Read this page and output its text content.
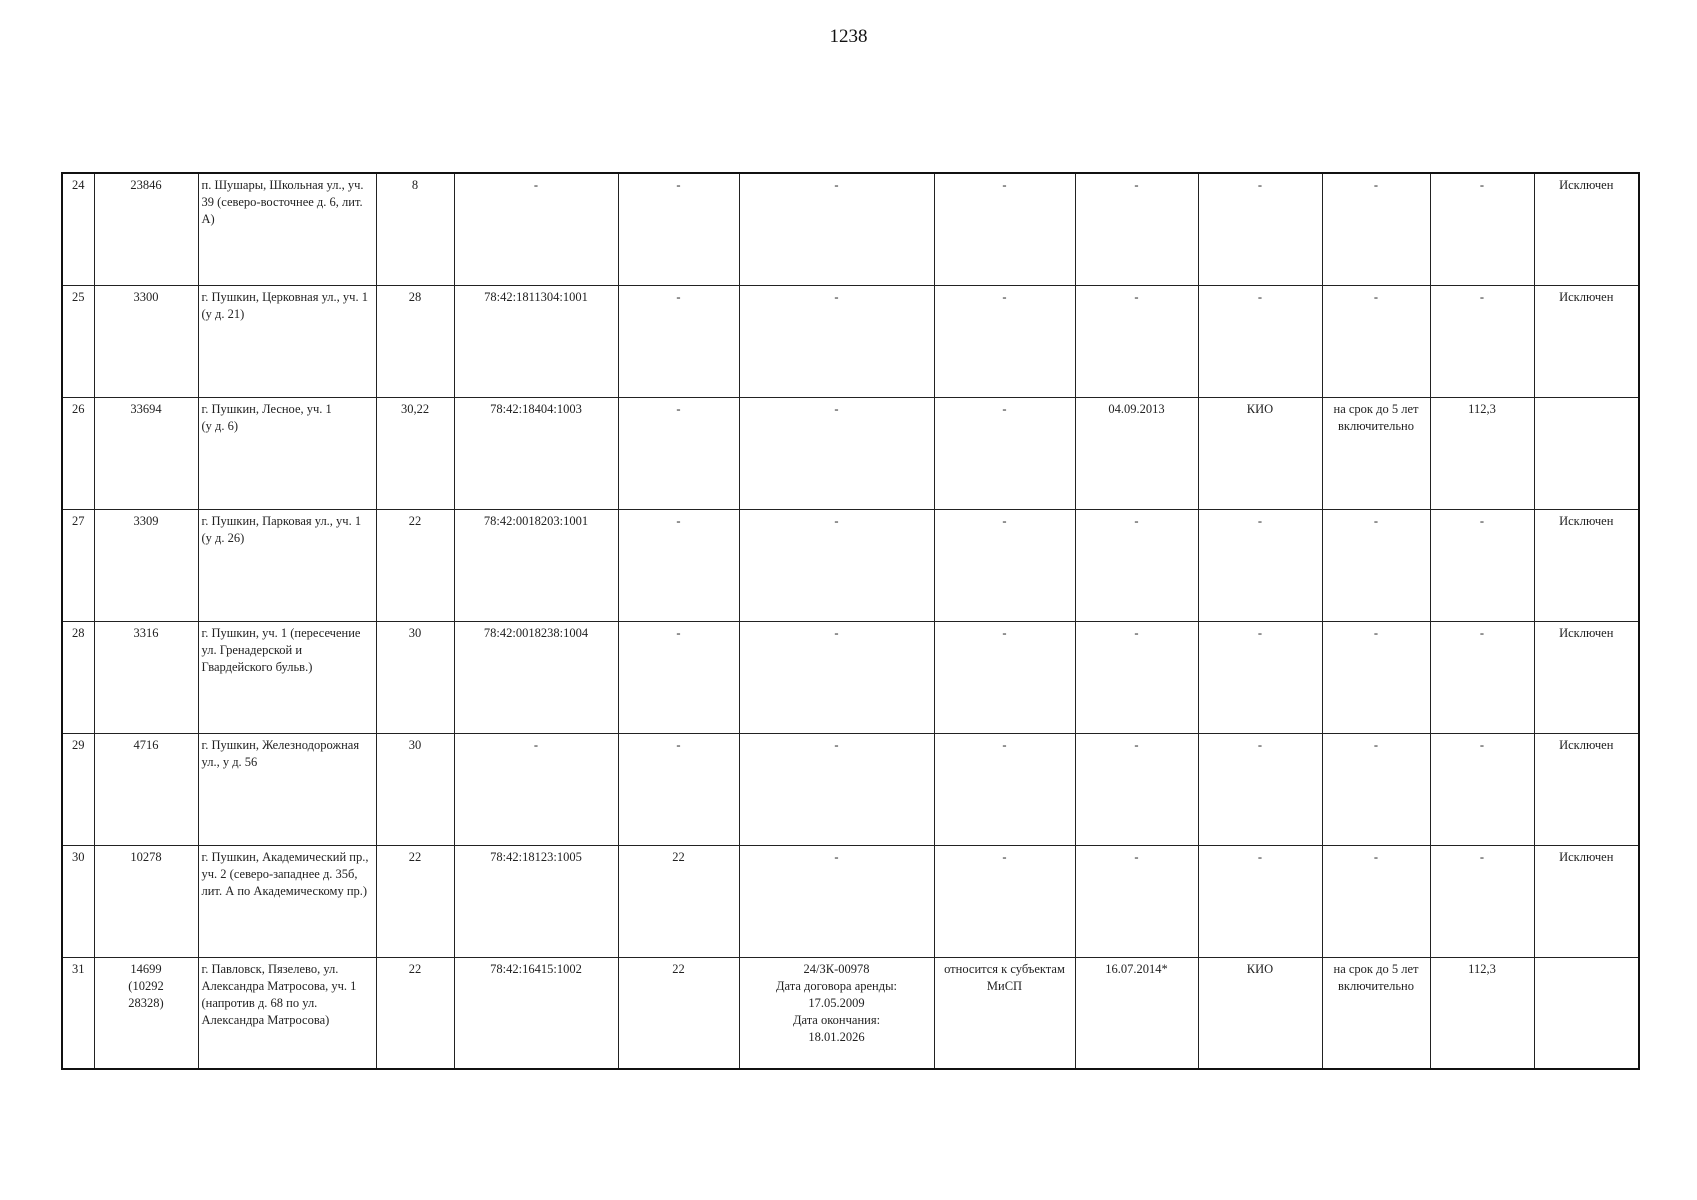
1238
24	23846	п. Шушары, Школьная ул., уч. 39 (северо-восточнее д. 6, лит. А)	8	-	-	-	-	-	-	-	-	Исключен
25	3300	г. Пушкин, Церковная ул., уч. 1 (у д. 21)	28	78:42:1811304:1001	-	-	-	-	-	-	-	Исключен
26	33694	г. Пушкин, Лесное, уч. 1
(у д. 6)	30,22	78:42:18404:1003	-	-	-	04.09.2013	КИО	на срок до 5 лет включительно	112,3	
27	3309	г. Пушкин, Парковая ул., уч. 1 (у д. 26)	22	78:42:0018203:1001	-	-	-	-	-	-	-	Исключен
28	3316	г. Пушкин, уч. 1 (пересечение ул. Гренадерской и Гвардейского бульв.)	30	78:42:0018238:1004	-	-	-	-	-	-	-	Исключен
29	4716	г. Пушкин, Железнодорожная ул., у д. 56	30	-	-	-	-	-	-	-	-	Исключен
30	10278	г. Пушкин, Академический пр., уч. 2 (северо-западнее д. 35б, лит. А по Академическому пр.)	22	78:42:18123:1005	22	-	-	-	-	-	-	Исключен
31	14699
(10292
28328)	г. Павловск, Пязелево, ул. Александра Матросова, уч. 1 (напротив д. 68 по ул. Александра Матросова)	22	78:42:16415:1002	22	24/ЗК-00978
Дата договора аренды:
17.05.2009
Дата окончания:
18.01.2026	относится к субъектам МиСП	16.07.2014*	КИО	на срок до 5 лет включительно	112,3	
